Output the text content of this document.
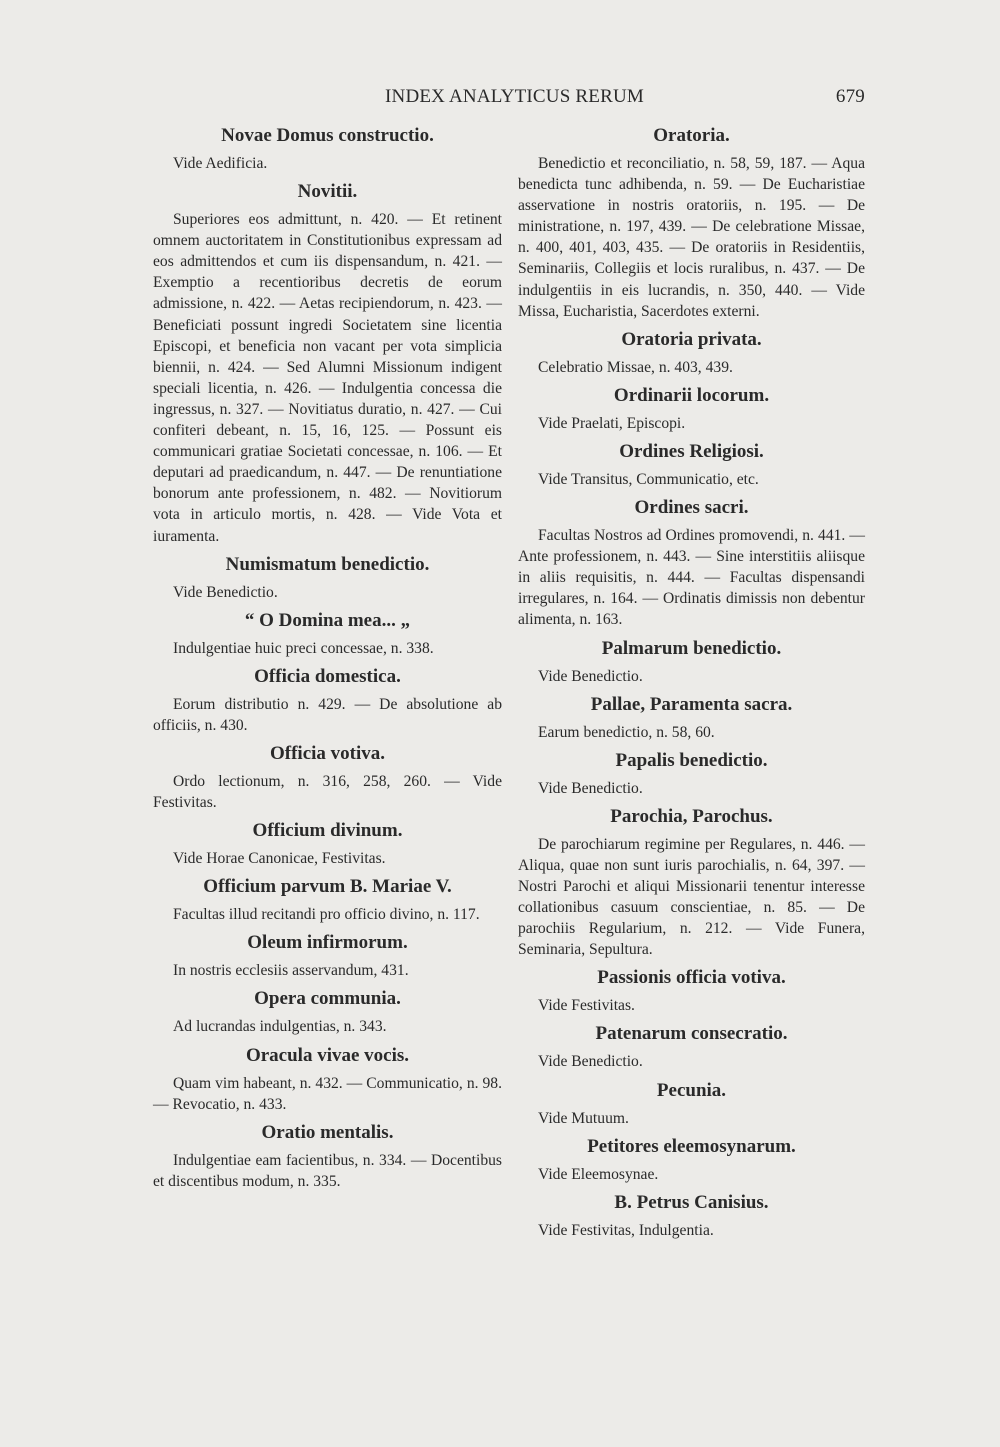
INDEX ANALYTICUS RERUM	679
Novae Domus constructio.
Vide Aedificia.
Novitii.
Superiores eos admittunt, n. 420. — Et retinent omnem auctoritatem in Constitutionibus expressam ad eos admittendos et cum iis dispensandum, n. 421. — Exemptio a recentioribus decretis de eorum admissione, n. 422. — Aetas recipiendorum, n. 423. — Beneficiati possunt ingredi Societatem sine licentia Episcopi, et beneficia non vacant per vota simplicia biennii, n. 424. — Sed Alumni Missionum indigent speciali licentia, n. 426. — Indulgentia concessa die ingressus, n. 327. — Novitiatus duratio, n. 427. — Cui confiteri debeant, n. 15, 16, 125. — Possunt eis communicari gratiae Societati concessae, n. 106. — Et deputari ad praedicandum, n. 447. — De renuntiatione bonorum ante professionem, n. 482. — Novitiorum vota in articulo mortis, n. 428. — Vide Vota et iuramenta.
Numismatum benedictio.
Vide Benedictio.
“ O Domina mea... „
Indulgentiae huic preci concessae, n. 338.
Officia domestica.
Eorum distributio n. 429. — De absolutione ab officiis, n. 430.
Officia votiva.
Ordo lectionum, n. 316, 258, 260. — Vide Festivitas.
Officium divinum.
Vide Horae Canonicae, Festivitas.
Officium parvum B. Mariae V.
Facultas illud recitandi pro officio divino, n. 117.
Oleum infirmorum.
In nostris ecclesiis asservandum, 431.
Opera communia.
Ad lucrandas indulgentias, n. 343.
Oracula vivae vocis.
Quam vim habeant, n. 432. — Communicatio, n. 98. — Revocatio, n. 433.
Oratio mentalis.
Indulgentiae eam facientibus, n. 334. — Docentibus et discentibus modum, n. 335.
Oratoria.
Benedictio et reconciliatio, n. 58, 59, 187. — Aqua benedicta tunc adhibenda, n. 59. — De Eucharistiae asservatione in nostris oratoriis, n. 195. — De ministratione, n. 197, 439. — De celebratione Missae, n. 400, 401, 403, 435. — De oratoriis in Residentiis, Seminariis, Collegiis et locis ruralibus, n. 437. — De indulgentiis in eis lucrandis, n. 350, 440. — Vide Missa, Eucharistia, Sacerdotes externi.
Oratoria privata.
Celebratio Missae, n. 403, 439.
Ordinarii locorum.
Vide Praelati, Episcopi.
Ordines Religiosi.
Vide Transitus, Communicatio, etc.
Ordines sacri.
Facultas Nostros ad Ordines promovendi, n. 441. — Ante professionem, n. 443. — Sine interstitiis aliisque in aliis requisitis, n. 444. — Facultas dispensandi irregulares, n. 164. — Ordinatis dimissis non debentur alimenta, n. 163.
Palmarum benedictio.
Vide Benedictio.
Pallae, Paramenta sacra.
Earum benedictio, n. 58, 60.
Papalis benedictio.
Vide Benedictio.
Parochia, Parochus.
De parochiarum regimine per Regulares, n. 446. — Aliqua, quae non sunt iuris parochialis, n. 64, 397. — Nostri Parochi et aliqui Missionarii tenentur interesse collationibus casuum conscientiae, n. 85. — De parochiis Regularium, n. 212. — Vide Funera, Seminaria, Sepultura.
Passionis officia votiva.
Vide Festivitas.
Patenarum consecratio.
Vide Benedictio.
Pecunia.
Vide Mutuum.
Petitores eleemosynarum.
Vide Eleemosynae.
B. Petrus Canisius.
Vide Festivitas, Indulgentia.
